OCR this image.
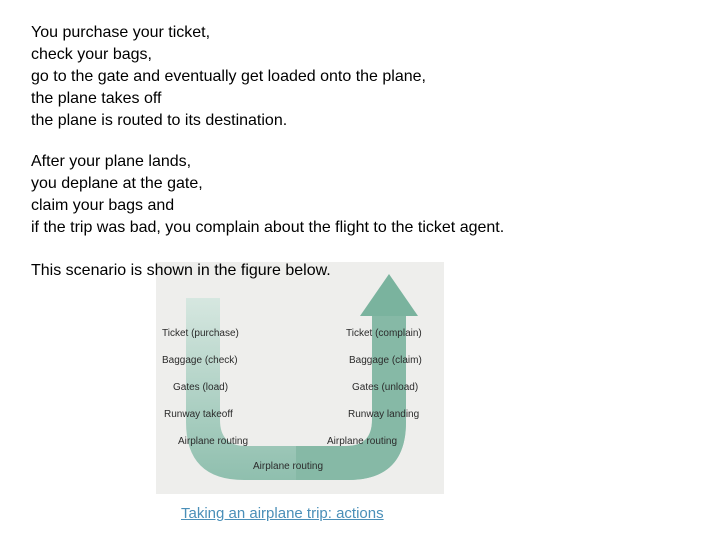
You purchase your ticket,
check your bags,
go to the gate and eventually get loaded onto the plane,
the plane takes off
the plane is routed to its destination.
After your plane lands,
you deplane at the gate,
claim your bags and
if the trip was bad, you complain about the flight to the ticket agent.
Ticket (purchase)
Baggage (check)
Gates (load)
Runway takeoff
Airplane routing
Ticket (complain)
Baggage (claim)
Gates (unload)
Runway landing
Airplane routing
Airplane routing
This scenario is shown in the figure below.
Taking an airplane trip: actions
